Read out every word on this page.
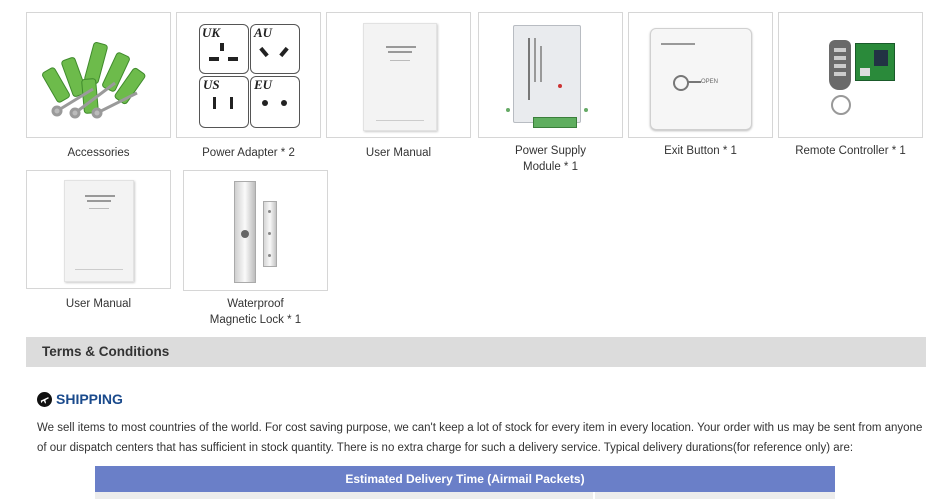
UK	AU
US	EU	OPEN
Accessories	Power Adapter * 2	User Manual	Power Supply
Module * 1
Exit Button * 1	Remote Controller * 1
User Manual	Waterproof
Magnetic Lock * 1
Terms & Conditions
SHIPPING
We sell items to most countries of the world. For cost saving purpose, we can't keep a lot of stock for every item in every location. Your order with us may be sent from anyone of our dispatch centers that has sufficient in stock quantity. There is no extra charge for such a delivery service. Typical delivery durations(for reference only) are:
Estimated Delivery Time (Airmail Packets)
